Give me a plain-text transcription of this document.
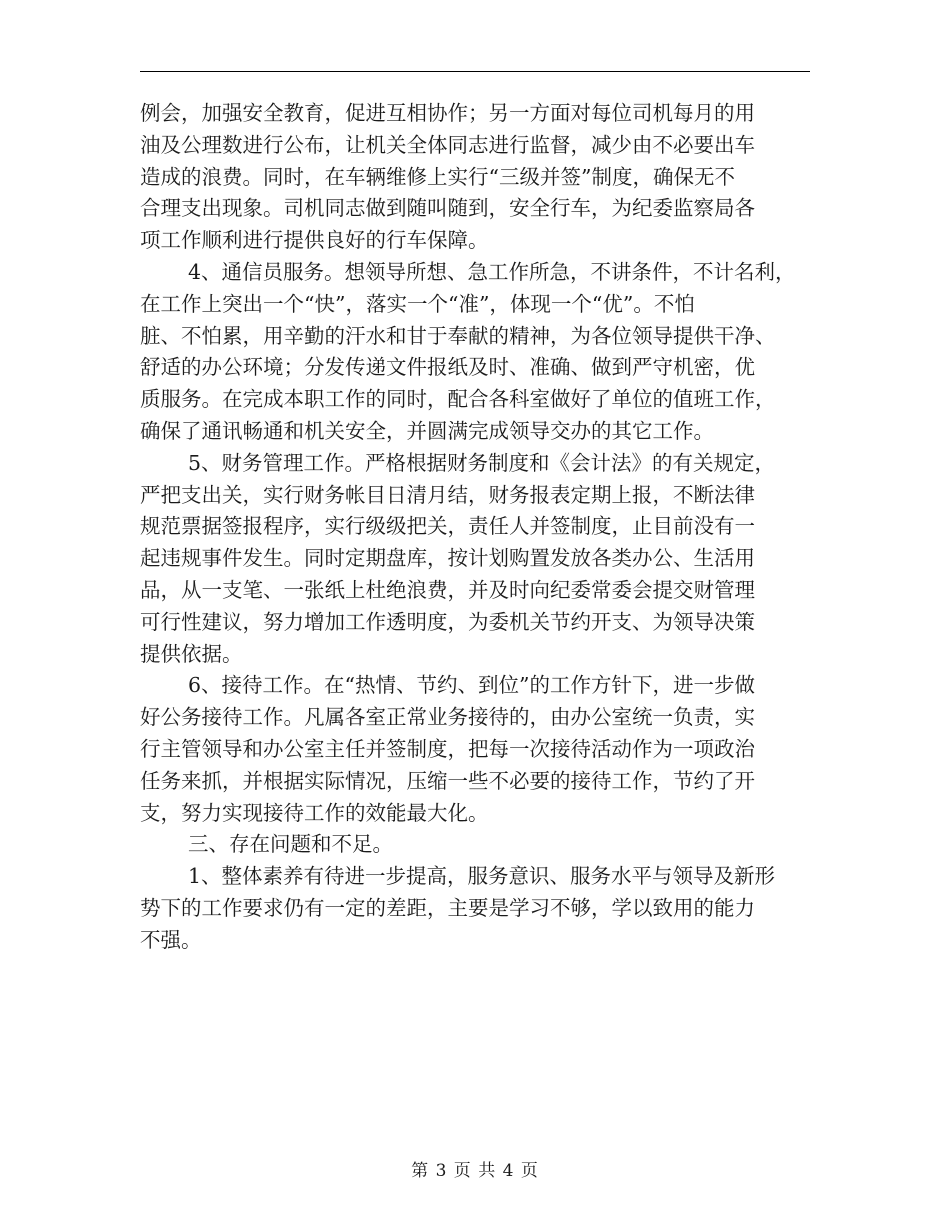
例会，加强安全教育，促进互相协作；另一方面对每位司机每月的用
油及公理数进行公布，让机关全体同志进行监督，减少由不必要出车
造成的浪费。同时，在车辆维修上实行“三级并签”制度，确保无不
合理支出现象。司机同志做到随叫随到，安全行车，为纪委监察局各
项工作顺利进行提供良好的行车保障。
4、通信员服务。想领导所想、急工作所急，不讲条件，不计名利，
在工作上突出一个“快”，落实一个“准”，体现一个“优”。不怕
脏、不怕累，用辛勤的汗水和甘于奉献的精神，为各位领导提供干净、
舒适的办公环境；分发传递文件报纸及时、准确、做到严守机密，优
质服务。在完成本职工作的同时，配合各科室做好了单位的值班工作，
确保了通讯畅通和机关安全，并圆满完成领导交办的其它工作。
5、财务管理工作。严格根据财务制度和《会计法》的有关规定，
严把支出关，实行财务帐目日清月结，财务报表定期上报，不断法律
规范票据签报程序，实行级级把关，责任人并签制度，止目前没有一
起违规事件发生。同时定期盘库，按计划购置发放各类办公、生活用
品，从一支笔、一张纸上杜绝浪费，并及时向纪委常委会提交财管理
可行性建议，努力增加工作透明度，为委机关节约开支、为领导决策
提供依据。
6、接待工作。在“热情、节约、到位”的工作方针下，进一步做
好公务接待工作。凡属各室正常业务接待的，由办公室统一负责，实
行主管领导和办公室主任并签制度，把每一次接待活动作为一项政治
任务来抓，并根据实际情况，压缩一些不必要的接待工作，节约了开
支，努力实现接待工作的效能最大化。
三、存在问题和不足。
1、整体素养有待进一步提高，服务意识、服务水平与领导及新形
势下的工作要求仍有一定的差距，主要是学习不够，学以致用的能力
不强。
第 3 页 共 4 页
